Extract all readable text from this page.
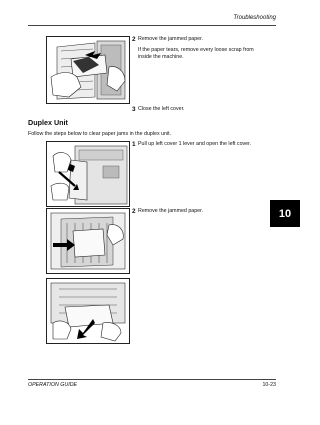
Troubleshooting
10
2 Remove the jammed paper.

If the paper tears, remove every loose scrap from inside the machine.

3 Close the left cover.

Duplex Unit
Follow the steps below to clear paper jams in the duplex unit.
1 Pull up left cover 1 lever and open the left cover.

2 Remove the jammed paper.

OPERATION GUIDE	10-23
